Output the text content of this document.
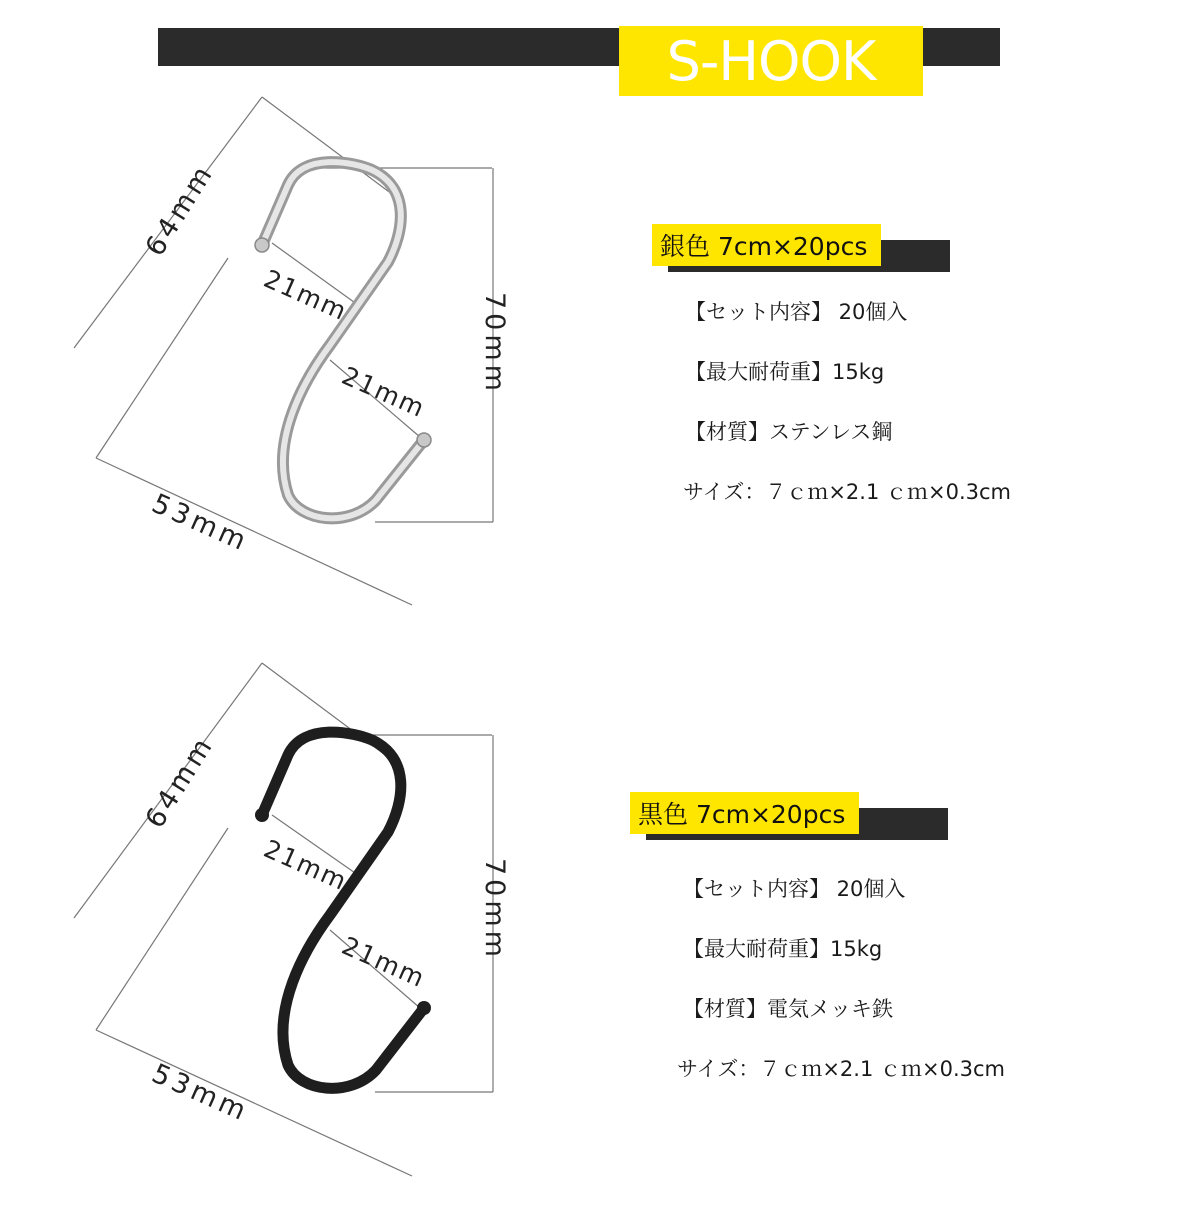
S-HOOK
64mm
70mm
53mm
21mm
21mm
64mm
70mm
53mm
21mm
21mm
銀色 7cm×20pcs
【セット内容】 20個入
【最大耐荷重】15kg
【材質】ステンレス鋼
サイズ：７ｃｍ×2.1 ｃｍ×0.3cm
黒色 7cm×20pcs
【セット内容】 20個入
【最大耐荷重】15kg
【材質】電気メッキ鉄
サイズ：７ｃｍ×2.1 ｃｍ×0.3cm
